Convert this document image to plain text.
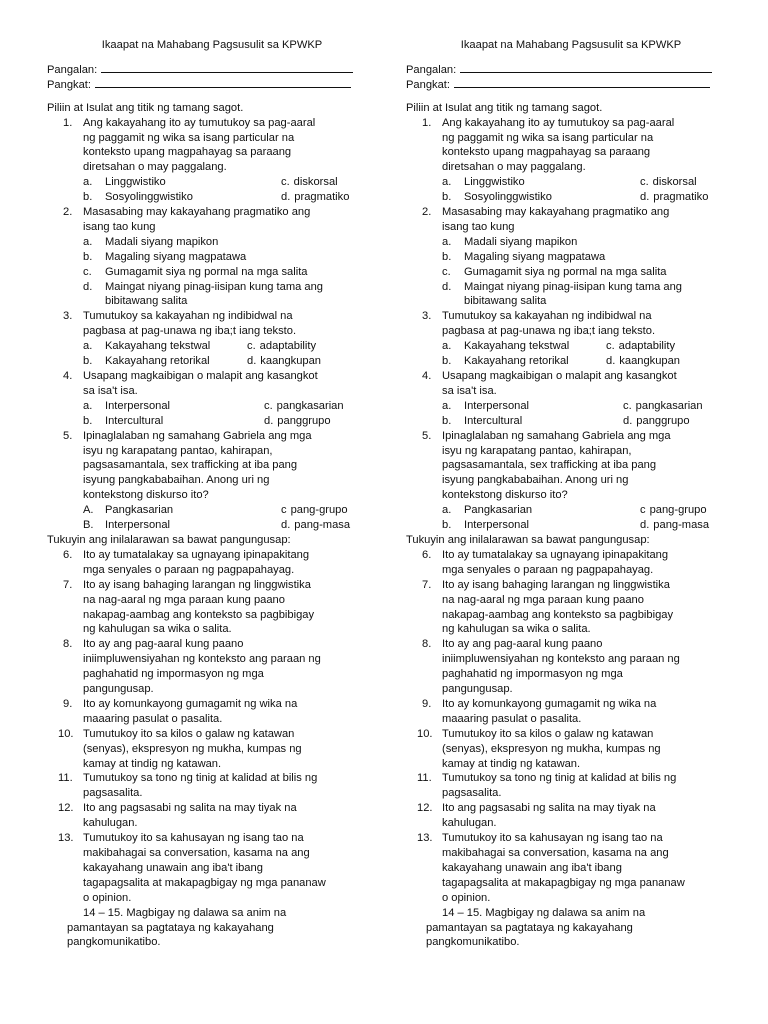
Ikaapat na Mahabang Pagsusulit sa KPWKP
Pangalan:
Pangkat:
Piliin at Isulat ang titik ng tamang sagot.
1. Ang kakayahang ito ay tumutukoy sa pag-aaral
ng paggamit ng wika sa isang particular na
konteksto upang magpahayag sa paraang
diretsahan o may paggalang.
a. Linggwistiko	c. diskorsal
b. Sosyolinggwistiko	d. pragmatiko
2. Masasabing may kakayahang pragmatiko ang
isang tao kung
a. Madali siyang mapikon
b. Magaling siyang magpatawa
c. Gumagamit siya ng pormal na mga salita
d. Maingat niyang pinag-iisipan kung tama ang bibitawang salita
3. Tumutukoy sa kakayahan ng indibidwal na
pagbasa at pag-unawa ng iba;t iang teksto.
a. Kakayahang tekstwal	c. adaptability
b. Kakayahang retorikal	d. kaangkupan
4. Usapang magkaibigan o malapit ang kasangkot
sa isa't isa.
a. Interpersonal	c. pangkasarian
b. Intercultural	d. panggrupo
5. Ipinaglalaban ng samahang Gabriela ang mga
isyu ng karapatang pantao, kahirapan,
pagsasamantala, sex trafficking at iba pang
isyung pangkababaihan. Anong uri ng
kontekstong diskurso ito?
A. Pangkasarian	c pang-grupo
B. Interpersonal	d. pang-masa
Tukuyin ang inilalarawan sa bawat pangungusap:
6. Ito ay tumatalakay sa ugnayang ipinapakitang
mga senyales o paraan ng pagpapahayag.
7. Ito ay isang bahaging larangan ng linggwistika
na nag-aaral ng mga paraan kung paano
nakapag-aambag ang konteksto sa pagbibigay
ng kahulugan sa wika o salita.
8. Ito ay ang pag-aaral kung paano
iniimpluwensiyahan ng konteksto ang paraan ng
paghahatid ng impormasyon ng mga
pangungusap.
9. Ito ay komunkayong gumagamit ng wika na
maaaring pasulat o pasalita.
10. Tumutukoy ito sa kilos o galaw ng katawan
(senyas), ekspresyon ng mukha, kumpas ng
kamay at tindig ng katawan.
11. Tumutukoy sa tono ng tinig at kalidad at bilis ng
pagsasalita.
12. Ito ang pagsasabi ng salita na may tiyak na
kahulugan.
13. Tumutukoy ito sa kahusayan ng isang tao na
makibahagai sa conversation, kasama na ang
kakayahang unawain ang iba't ibang
tagapagsalita at makapagbigay ng mga pananaw
o opinion.
14 – 15. Magbigay ng dalawa sa anim na
pamantayan sa pagtataya ng kakayahang
pangkomunikatibo.
Ikaapat na Mahabang Pagsusulit sa KPWKP
Pangalan:
Pangkat:
Piliin at Isulat ang titik ng tamang sagot.
1. Ang kakayahang ito ay tumutukoy sa pag-aaral
ng paggamit ng wika sa isang particular na
konteksto upang magpahayag sa paraang
diretsahan o may paggalang.
a. Linggwistiko	c. diskorsal
b. Sosyolinggwistiko	d. pragmatiko
2. Masasabing may kakayahang pragmatiko ang
isang tao kung
a. Madali siyang mapikon
b. Magaling siyang magpatawa
c. Gumagamit siya ng pormal na mga salita
d. Maingat niyang pinag-iisipan kung tama ang bibitawang salita
3. Tumutukoy sa kakayahan ng indibidwal na
pagbasa at pag-unawa ng iba;t iang teksto.
a. Kakayahang tekstwal	c. adaptability
b. Kakayahang retorikal	d. kaangkupan
4. Usapang magkaibigan o malapit ang kasangkot
sa isa't isa.
a. Interpersonal	c. pangkasarian
b. Intercultural	d. panggrupo
5. Ipinaglalaban ng samahang Gabriela ang mga
isyu ng karapatang pantao, kahirapan,
pagsasamantala, sex trafficking at iba pang
isyung pangkababaihan. Anong uri ng
kontekstong diskurso ito?
a. Pangkasarian	c pang-grupo
b. Interpersonal	d. pang-masa
Tukuyin ang inilalarawan sa bawat pangungusap:
6. Ito ay tumatalakay sa ugnayang ipinapakitang
mga senyales o paraan ng pagpapahayag.
7. Ito ay isang bahaging larangan ng linggwistika
na nag-aaral ng mga paraan kung paano
nakapag-aambag ang konteksto sa pagbibigay
ng kahulugan sa wika o salita.
8. Ito ay ang pag-aaral kung paano
iniimpluwensiyahan ng konteksto ang paraan ng
paghahatid ng impormasyon ng mga
pangungusap.
9. Ito ay komunkayong gumagamit ng wika na
maaaring pasulat o pasalita.
10. Tumutukoy ito sa kilos o galaw ng katawan
(senyas), ekspresyon ng mukha, kumpas ng
kamay at tindig ng katawan.
11. Tumutukoy sa tono ng tinig at kalidad at bilis ng
pagsasalita.
12. Ito ang pagsasabi ng salita na may tiyak na
kahulugan.
13. Tumutukoy ito sa kahusayan ng isang tao na
makibahagai sa conversation, kasama na ang
kakayahang unawain ang iba't ibang
tagapagsalita at makapagbigay ng mga pananaw
o opinion.
14 – 15. Magbigay ng dalawa sa anim na
pamantayan sa pagtataya ng kakayahang
pangkomunikatibo.
